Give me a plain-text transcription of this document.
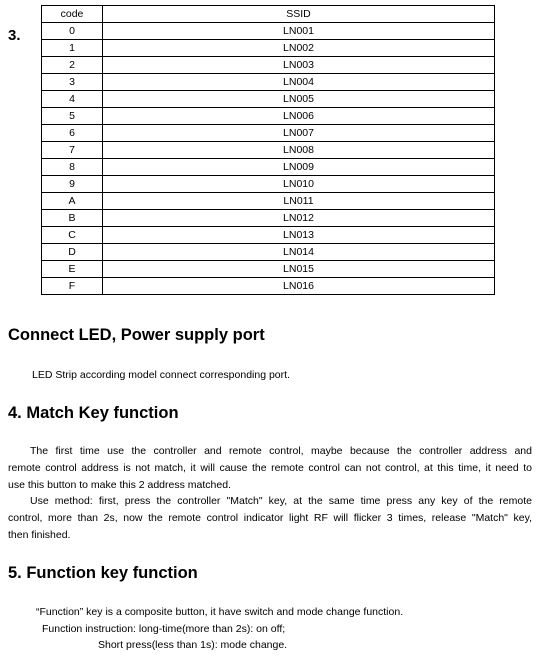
3.
code	SSID
0	LN001
1	LN002
2	LN003
3	LN004
4	LN005
5	LN006
6	LN007
7	LN008
8	LN009
9	LN010
A	LN011
B	LN012
C	LN013
D	LN014
E	LN015
F	LN016
Connect LED, Power supply port

LED Strip according model connect corresponding port.

4. Match Key function
The first time use the controller and remote control, maybe because the controller address and
remote control address is not match, it will cause the remote control can not control, at this time, it need to
use this button to make this 2 address matched.
Use method: first, press the controller "Match" key, at the same time press any key of the remote
control, more than 2s, now the remote control indicator light RF will flicker 3 times, release "Match" key,
then finished.
5. Function key function

“Function” key is a composite button, it have switch and mode change function.

Function instruction: long-time(more than 2s): on off;

Short press(less than 1s): mode change.
